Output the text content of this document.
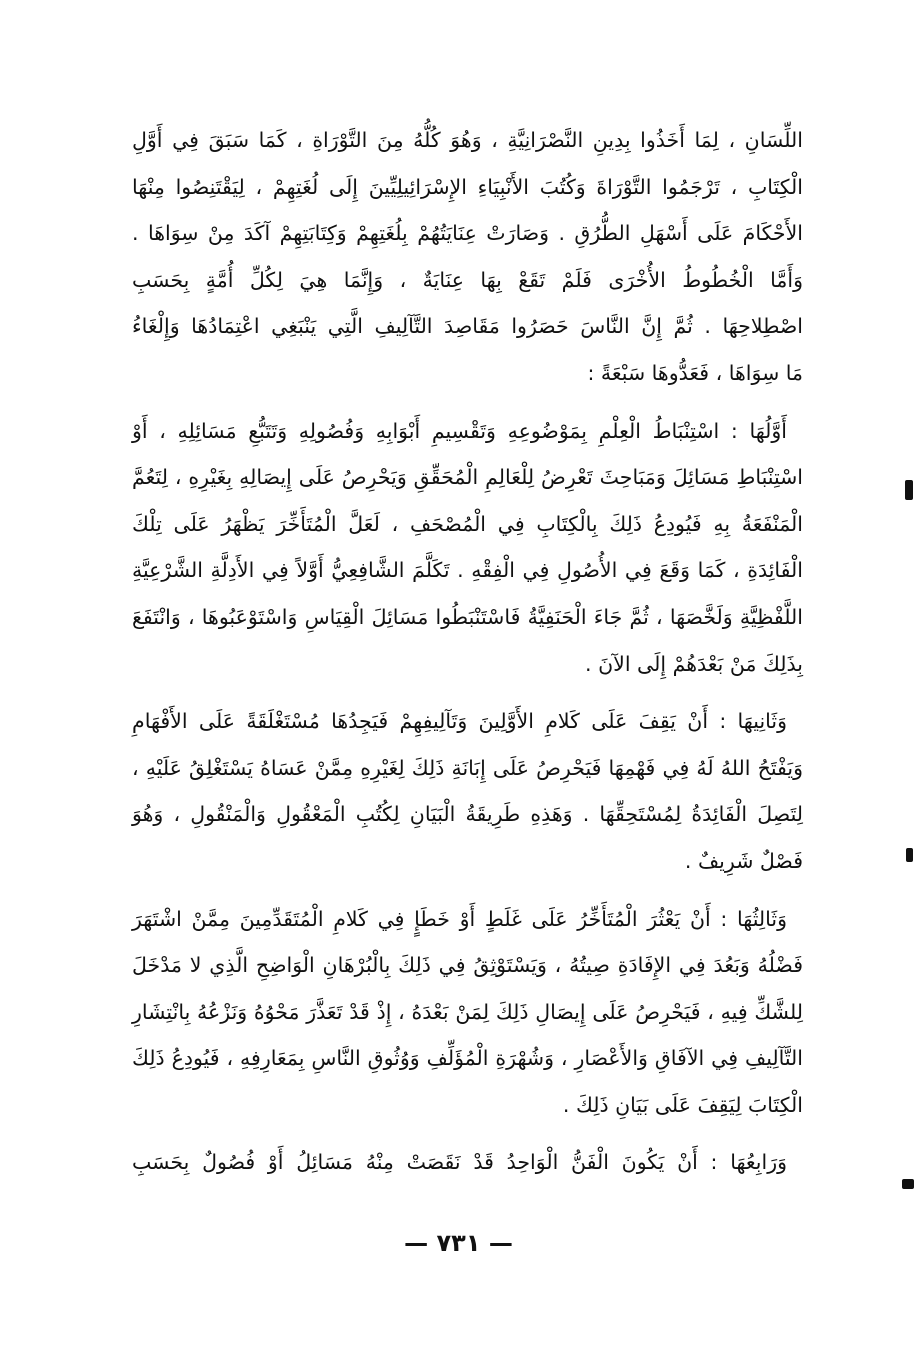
اللِّسَانِ ، لِمَا أَخَذُوا بِدِينِ النَّصْرَانِيَّةِ ، وَهُوَ كُلُّهُ مِنَ التَّوْرَاةِ ، كَمَا سَبَقَ فِي أَوَّلِ
الْكِتَابِ ، تَرْجَمُوا التَّوْرَاةَ وَكُتُبَ الأَنْبِيَاءِ الإِسْرَائِيلِيِّينَ إِلَى لُغَتِهِمْ ، لِيَقْتَنِصُوا مِنْهَا
الأَحْكَامَ عَلَى أَسْهَلِ الطُّرُقِ . وَصَارَتْ عِنَايَتُهُمْ بِلُغَتِهِمْ وَكِتَابَتِهِمْ آكَدَ مِنْ سِوَاهَا .
وَأَمَّا الْخُطُوطُ الأُخْرَى فَلَمْ تَقَعْ بِهَا عِنَايَةٌ ، وَإِنَّمَا هِيَ لِكُلِّ أُمَّةٍ بِحَسَبِ
اصْطِلاحِهَا . ثُمَّ إِنَّ النَّاسَ حَصَرُوا مَقَاصِدَ التَّآلِيفِ الَّتِي يَنْبَغِي اعْتِمَادُهَا وَإِلْغَاءُ
مَا سِوَاهَا ، فَعَدُّوهَا سَبْعَةً :
أَوَّلُهَا : اسْتِنْبَاطُ الْعِلْمِ بِمَوْضُوعِهِ وَتَقْسِيمِ أَبْوَابِهِ وَفُصُولِهِ وَتَتَبُّعِ مَسَائِلِهِ ، أَوْ
اسْتِنْبَاطِ مَسَائِلَ وَمَبَاحِثَ تَعْرِضُ لِلْعَالِمِ الْمُحَقِّقِ وَيَحْرِصُ عَلَى إِيصَالِهِ بِغَيْرِهِ ، لِتَعُمَّ
الْمَنْفَعَةُ بِهِ فَيُودِعُ ذَلِكَ بِالْكِتَابِ فِي الْمُصْحَفِ ، لَعَلَّ الْمُتَأَخِّرَ يَظْهَرُ عَلَى تِلْكَ
الْفَائِدَةِ ، كَمَا وَقَعَ فِي الأُصُولِ فِي الْفِقْهِ . تَكَلَّمَ الشَّافِعِيُّ أَوَّلاً فِي الأَدِلَّةِ الشَّرْعِيَّةِ
اللَّفْظِيَّةِ وَلَخَّصَهَا ، ثُمَّ جَاءَ الْحَنَفِيَّةُ فَاسْتَنْبَطُوا مَسَائِلَ الْقِيَاسِ وَاسْتَوْعَبُوهَا ، وَانْتَفَعَ
بِذَلِكَ مَنْ بَعْدَهُمْ إِلَى الآنَ .
وَثَانِيهَا : أَنْ يَقِفَ عَلَى كَلامِ الأَوَّلِينَ وَتَآلِيفِهِمْ فَيَجِدُهَا مُسْتَغْلَقَةً عَلَى الأَفْهَامِ
وَيَفْتَحُ اللهُ لَهُ فِي فَهْمِهَا فَيَحْرِصُ عَلَى إِبَانَةِ ذَلِكَ لِغَيْرِهِ مِمَّنْ عَسَاهُ يَسْتَغْلِقُ عَلَيْهِ ،
لِتَصِلَ الْفَائِدَةُ لِمُسْتَحِقِّهَا . وَهَذِهِ طَرِيقَةُ الْبَيَانِ لِكُتُبِ الْمَعْقُولِ وَالْمَنْقُولِ ، وَهُوَ
فَصْلٌ شَرِيفٌ .
وَثَالِثُهَا : أَنْ يَعْثُرَ الْمُتَأَخِّرُ عَلَى غَلَطٍ أَوْ خَطَإٍ فِي كَلامِ الْمُتَقَدِّمِينَ مِمَّنْ اشْتَهَرَ
فَضْلُهُ وَبَعُدَ فِي الإِفَادَةِ صِيتُهُ ، وَيَسْتَوْثِقُ فِي ذَلِكَ بِالْبُرْهَانِ الْوَاضِحِ الَّذِي لا مَدْخَلَ
لِلشَّكِّ فِيهِ ، فَيَحْرِصُ عَلَى إِيصَالِ ذَلِكَ لِمَنْ بَعْدَهُ ، إِذْ قَدْ تَعَذَّرَ مَحْوُهُ وَنَزْعُهُ بِانْتِشَارِ
التَّآلِيفِ فِي الآفَاقِ وَالأَعْصَارِ ، وَشُهْرَةِ الْمُؤَلِّفِ وَوُثُوقِ النَّاسِ بِمَعَارِفِهِ ، فَيُودِعُ ذَلِكَ
الْكِتَابَ لِيَقِفَ عَلَى بَيَانِ ذَلِكَ .
وَرَابِعُهَا : أَنْ يَكُونَ الْفَنُّ الْوَاحِدُ قَدْ نَقَصَتْ مِنْهُ مَسَائِلُ أَوْ فُصُولٌ بِحَسَبِ
— ٧٣١ —
